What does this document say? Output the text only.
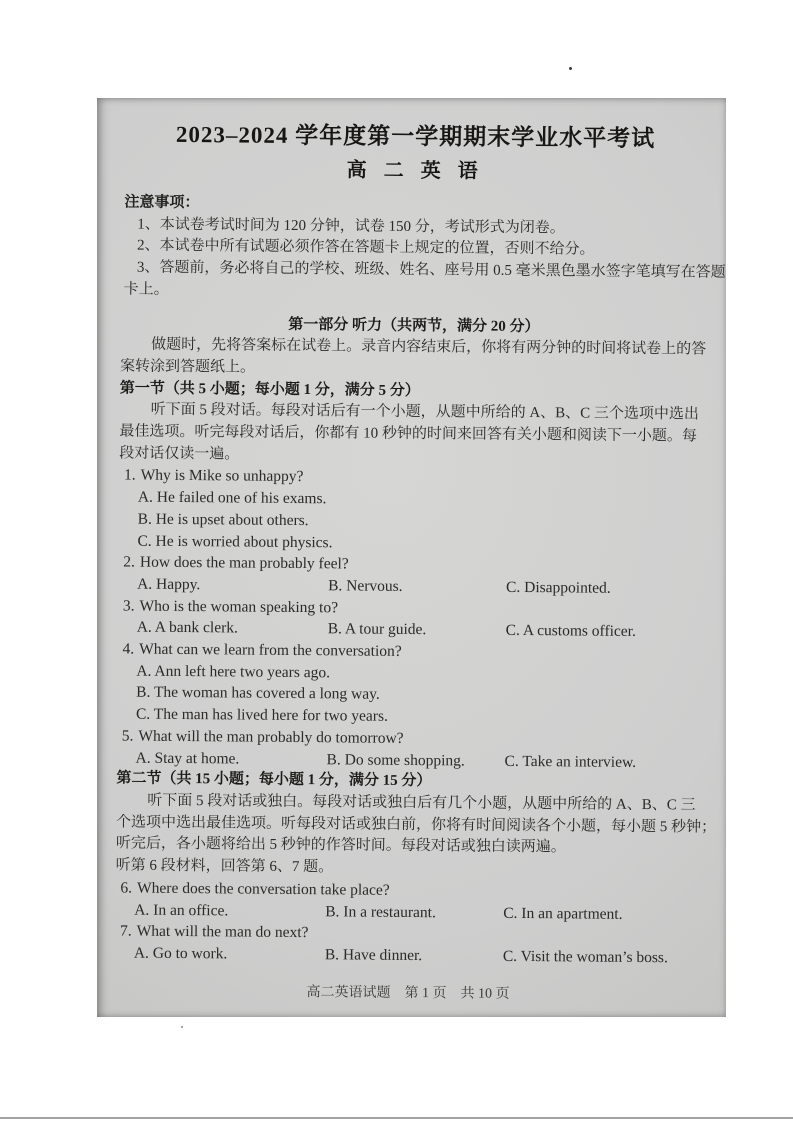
2023–2024 学年度第一学期期末学业水平考试
高 二 英 语
注意事项：
1、本试卷考试时间为 120 分钟，试卷 150 分，考试形式为闭卷。
2、本试卷中所有试题必须作答在答题卡上规定的位置，否则不给分。
3、答题前，务必将自己的学校、班级、姓名、座号用 0.5 毫米黑色墨水签字笔填写在答题
卡上。
第一部分 听力（共两节，满分 20 分）
做题时，先将答案标在试卷上。录音内容结束后，你将有两分钟的时间将试卷上的答
案转涂到答题纸上。
第一节（共 5 小题；每小题 1 分，满分 5 分）
听下面 5 段对话。每段对话后有一个小题，从题中所给的 A、B、C 三个选项中选出
最佳选项。听完每段对话后，你都有 10 秒钟的时间来回答有关小题和阅读下一小题。每
段对话仅读一遍。
1. Why is Mike so unhappy?
A. He failed one of his exams.
B. He is upset about others.
C. He is worried about physics.
2. How does the man probably feel?
A. Happy.	B. Nervous.	C. Disappointed.
3. Who is the woman speaking to?
A. A bank clerk.	B. A tour guide.	C. A customs officer.
4. What can we learn from the conversation?
A. Ann left here two years ago.
B. The woman has covered a long way.
C. The man has lived here for two years.
5. What will the man probably do tomorrow?
A. Stay at home.	B. Do some shopping.	C. Take an interview.
第二节（共 15 小题；每小题 1 分，满分 15 分）
听下面 5 段对话或独白。每段对话或独白后有几个小题，从题中所给的 A、B、C 三
个选项中选出最佳选项。听每段对话或独白前，你将有时间阅读各个小题，每小题 5 秒钟；
听完后，各小题将给出 5 秒钟的作答时间。每段对话或独白读两遍。
听第 6 段材料，回答第 6、7 题。
6. Where does the conversation take place?
A. In an office.	B. In a restaurant.	C. In an apartment.
7. What will the man do next?
A. Go to work.	B. Have dinner.	C. Visit the woman’s boss.
高二英语试题 第 1 页 共 10 页
